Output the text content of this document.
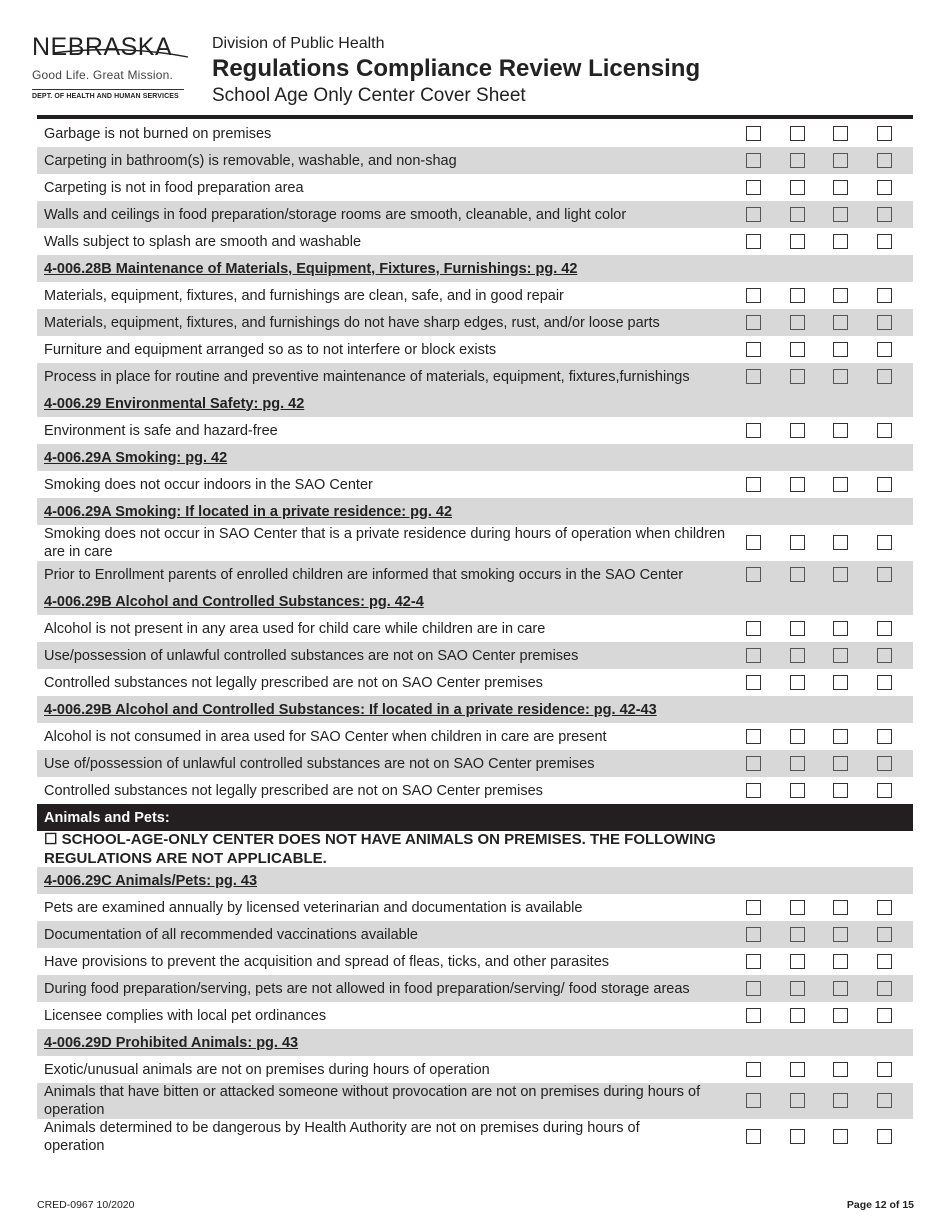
NEBRASKA
Good Life. Great Mission.
DEPT. OF HEALTH AND HUMAN SERVICES
Division of Public Health
Regulations Compliance Review Licensing
School Age Only Center Cover Sheet
Garbage is not burned on premises
Carpeting in bathroom(s) is removable, washable, and non-shag
Carpeting is not in food preparation area
Walls and ceilings in food preparation/storage rooms are smooth, cleanable, and light color
Walls subject to splash are smooth and washable
4-006.28B Maintenance of Materials, Equipment, Fixtures, Furnishings: pg. 42
Materials, equipment, fixtures, and furnishings are clean, safe, and in good repair
Materials, equipment, fixtures, and furnishings do not have sharp edges, rust, and/or loose parts
Furniture and equipment arranged so as to not interfere or block exists
Process in place for routine and preventive maintenance of materials, equipment, fixtures,furnishings
4-006.29 Environmental Safety: pg. 42
Environment is safe and hazard-free
4-006.29A Smoking: pg. 42
Smoking does not occur indoors in the SAO Center
4-006.29A Smoking: If located in a private residence: pg. 42
Smoking does not occur in SAO Center that is a private residence during hours of operation when children are in care
Prior to Enrollment parents of enrolled children are informed that smoking occurs in the SAO Center
4-006.29B Alcohol and Controlled Substances: pg. 42-4
Alcohol is not present in any area used for child care while children are in care
Use/possession of unlawful controlled substances are not on SAO Center premises
Controlled substances not legally prescribed are not on SAO Center premises
4-006.29B Alcohol and Controlled Substances: If located in a private residence: pg. 42-43
Alcohol is not consumed in area used for SAO Center when children in care are present
Use of/possession of unlawful controlled substances are not on SAO Center premises
Controlled substances not legally prescribed are not on SAO Center premises
Animals and Pets:
☐ SCHOOL-AGE-ONLY CENTER DOES NOT HAVE ANIMALS ON PREMISES. THE FOLLOWING REGULATIONS ARE NOT APPLICABLE.
4-006.29C Animals/Pets: pg. 43
Pets are examined annually by licensed veterinarian and documentation is available
Documentation of all recommended vaccinations available
Have provisions to prevent the acquisition and spread of fleas, ticks, and other parasites
During food preparation/serving, pets are not allowed in food preparation/serving/ food storage areas
Licensee complies with local pet ordinances
4-006.29D Prohibited Animals: pg. 43
Exotic/unusual animals are not on premises during hours of operation
Animals that have bitten or attacked someone without provocation are not on premises during hours of operation
Animals determined to be dangerous by Health Authority are not on premises during hours of operation
CRED-0967 10/2020	Page 12 of 15
